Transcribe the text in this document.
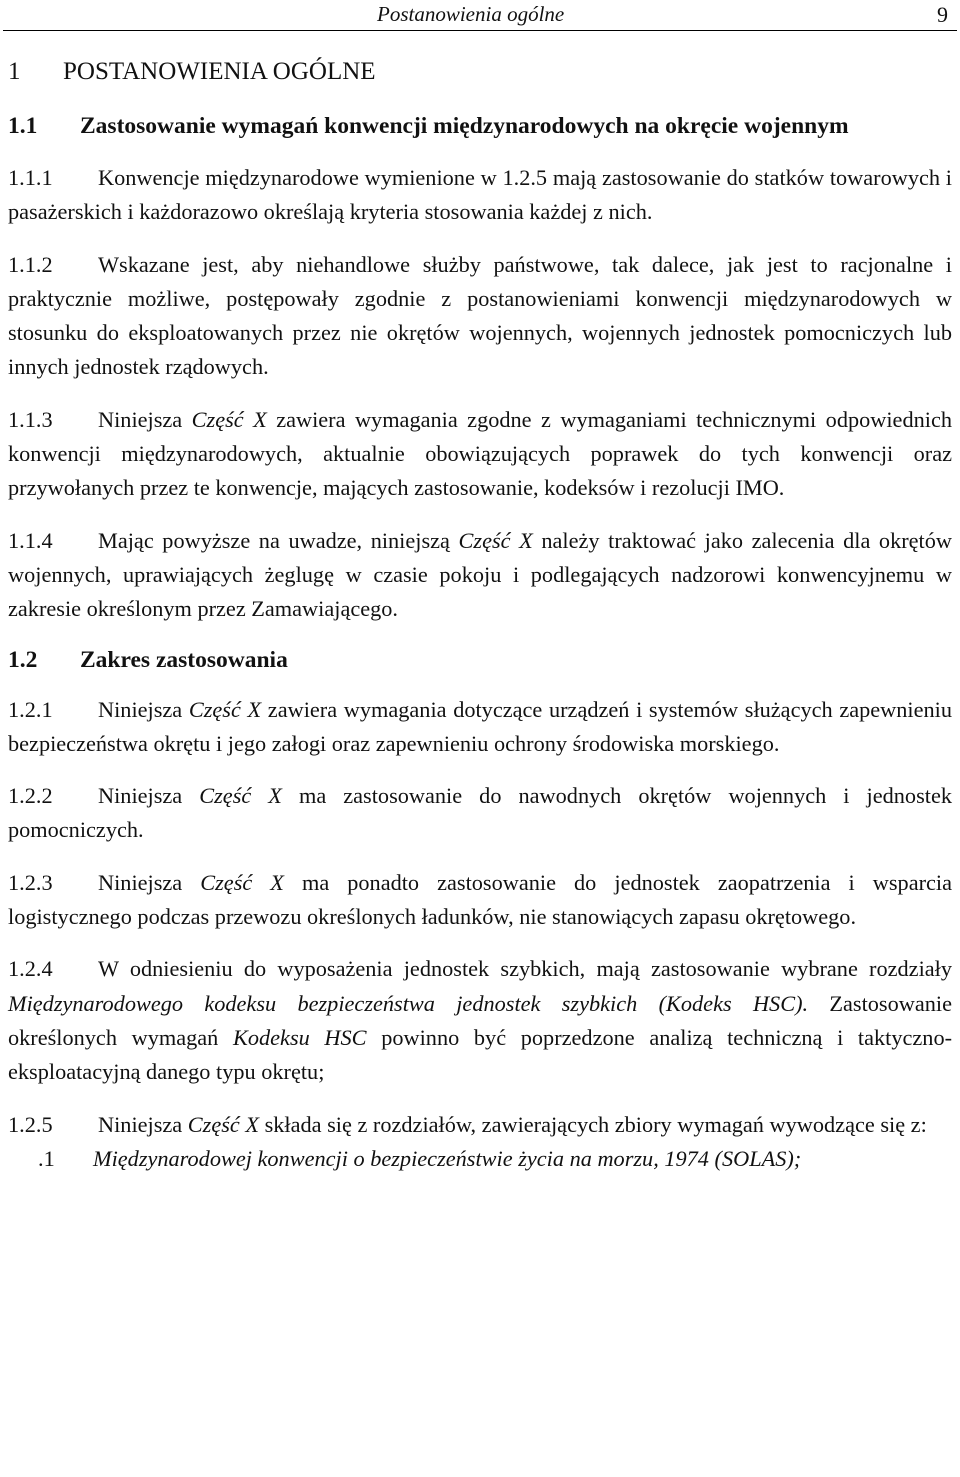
Postanowienia ogólne	9
1 POSTANOWIENIA OGÓLNE
1.1 Zastosowanie wymagań konwencji międzynarodowych na okręcie wojennym

1.1.1 Konwencje międzynarodowe wymienione w 1.2.5 mają zastosowanie do statków towarowych i pasażerskich i każdorazowo określają kryteria stosowania każdej z nich.

1.1.2 Wskazane jest, aby niehandlowe służby państwowe, tak dalece, jak jest to racjonalne i praktycznie możliwe, postępowały zgodnie z postanowieniami konwencji międzynarodowych w stosunku do eksploatowanych przez nie okrętów wojennych, wojennych jednostek pomocniczych lub innych jednostek rządowych.

1.1.3 Niniejsza Część X zawiera wymagania zgodne z wymaganiami technicznymi odpowiednich konwencji międzynarodowych, aktualnie obowiązujących poprawek do tych konwencji oraz przywołanych przez te konwencje, mających zastosowanie, kodeksów i rezolucji IMO.

1.1.4 Mając powyższe na uwadze, niniejszą Część X należy traktować jako zalecenia dla okrętów wojennych, uprawiających żeglugę w czasie pokoju i podlegających nadzorowi konwencyjnemu w zakresie określonym przez Zamawiającego.

1.2 Zakres zastosowania

1.2.1 Niniejsza Część X zawiera wymagania dotyczące urządzeń i systemów służących zapewnieniu bezpieczeństwa okrętu i jego załogi oraz zapewnieniu ochrony środowiska morskiego.

1.2.2 Niniejsza Część X ma zastosowanie do nawodnych okrętów wojennych i jednostek pomocniczych.

1.2.3 Niniejsza Część X ma ponadto zastosowanie do jednostek zaopatrzenia i wsparcia logistycznego podczas przewozu określonych ładunków, nie stanowiących zapasu okrętowego.

1.2.4 W odniesieniu do wyposażenia jednostek szybkich, mają zastosowanie wybrane rozdziały Międzynarodowego kodeksu bezpieczeństwa jednostek szybkich (Kodeks HSC). Zastosowanie określonych wymagań Kodeksu HSC powinno być poprzedzone analizą techniczną i taktyczno-eksploatacyjną danego typu okrętu;

1.2.5 Niniejsza Część X składa się z rozdziałów, zawierających zbiory wymagań wywodzące się z:

.1 Międzynarodowej konwencji o bezpieczeństwie życia na morzu, 1974 (SOLAS);
